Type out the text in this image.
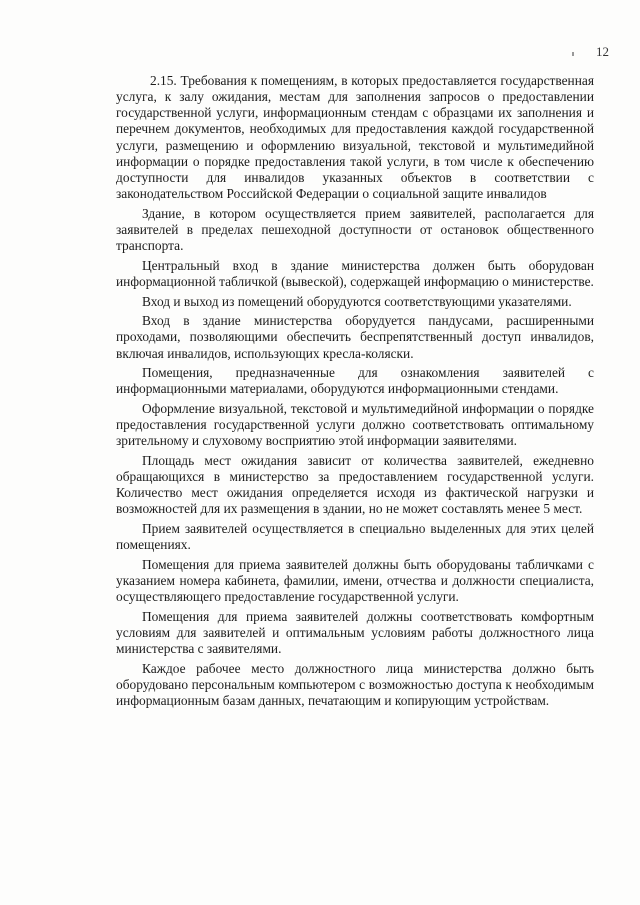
12

2.15. Требования к помещениям, в которых предоставляется государственная услуга, к залу ожидания, местам для заполнения запросов о предоставлении государственной услуги, информационным стендам с образцами их заполнения и перечнем документов, необходимых для предоставления каждой государственной услуги, размещению и оформлению визуальной, текстовой и мультимедийной информации о порядке предоставления такой услуги, в том числе к обеспечению доступности для инвалидов указанных объектов в соответствии с законодательством Российской Федерации о социальной защите инвалидов

Здание, в котором осуществляется прием заявителей, располагается для заявителей в пределах пешеходной доступности от остановок общественного транспорта.

Центральный вход в здание министерства должен быть оборудован информационной табличкой (вывеской), содержащей информацию о министерстве.

Вход и выход из помещений оборудуются соответствующими указателями.

Вход в здание министерства оборудуется пандусами, расширенными проходами, позволяющими обеспечить беспрепятственный доступ инвалидов, включая инвалидов, использующих кресла-коляски.

Помещения, предназначенные для ознакомления заявителей с информационными материалами, оборудуются информационными стендами.

Оформление визуальной, текстовой и мультимедийной информации о порядке предоставления государственной услуги должно соответствовать оптимальному зрительному и слуховому восприятию этой информации заявителями.

Площадь мест ожидания зависит от количества заявителей, ежедневно обращающихся в министерство за предоставлением государственной услуги. Количество мест ожидания определяется исходя из фактической нагрузки и возможностей для их размещения в здании, но не может составлять менее 5 мест.

Прием заявителей осуществляется в специально выделенных для этих целей помещениях.

Помещения для приема заявителей должны быть оборудованы табличками с указанием номера кабинета, фамилии, имени, отчества и должности специалиста, осуществляющего предоставление государственной услуги.

Помещения для приема заявителей должны соответствовать комфортным условиям для заявителей и оптимальным условиям работы должностного лица министерства с заявителями.

Каждое рабочее место должностного лица министерства должно быть оборудовано персональным компьютером с возможностью доступа к необходимым информационным базам данных, печатающим и копирующим устройствам.
